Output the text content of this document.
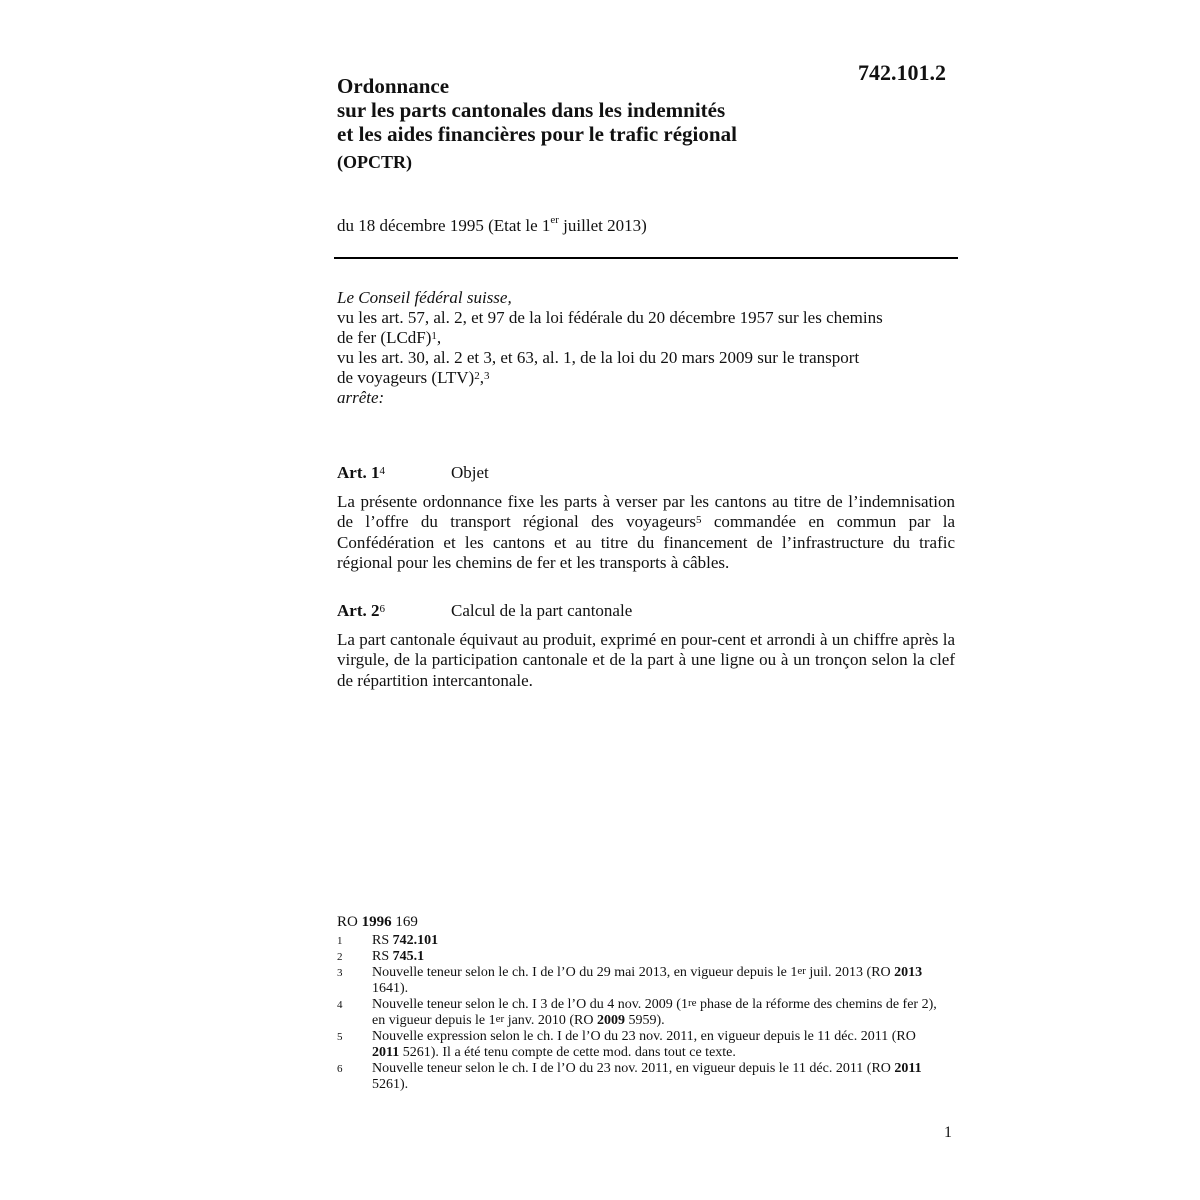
742.101.2
Ordonnance
sur les parts cantonales dans les indemnités
et les aides financières pour le trafic régional
(OPCTR)
du 18 décembre 1995 (Etat le 1er juillet 2013)
Le Conseil fédéral suisse,
vu les art. 57, al. 2, et 97 de la loi fédérale du 20 décembre 1957 sur les chemins
de fer (LCdF)$^1$,
vu les art. 30, al. 2 et 3, et 63, al. 1, de la loi du 20 mars 2009 sur le transport
de voyageurs (LTV)$^2$,$^3$
arrête:
Art. $1^4$	Objet
La présente ordonnance fixe les parts à verser par les cantons au titre de l’indemnisation de l’offre du transport régional des voyageurs$^5$ commandée en commun par la Confédération et les cantons et au titre du financement de l’infrastructure du trafic régional pour les chemins de fer et les transports à câbles.
Art. $2^6$	Calcul de la part cantonale
La part cantonale équivaut au produit, exprimé en pour-cent et arrondi à un chiffre après la virgule, de la participation cantonale et de la part à une ligne ou à un tronçon selon la clef de répartition intercantonale.
RO 1996 169
1	RS 742.101
2	RS 745.1
3	Nouvelle teneur selon le ch. I de l’O du 29 mai 2013, en vigueur depuis le 1er juil. 2013 (RO 2013 1641).
4	Nouvelle teneur selon le ch. I 3 de l’O du 4 nov. 2009 (1re phase de la réforme des chemins de fer 2), en vigueur depuis le 1er janv. 2010 (RO 2009 5959).
5	Nouvelle expression selon le ch. I de l’O du 23 nov. 2011, en vigueur depuis le 11 déc. 2011 (RO 2011 5261). Il a été tenu compte de cette mod. dans tout ce texte.
6	Nouvelle teneur selon le ch. I de l’O du 23 nov. 2011, en vigueur depuis le 11 déc. 2011 (RO 2011 5261).
1
